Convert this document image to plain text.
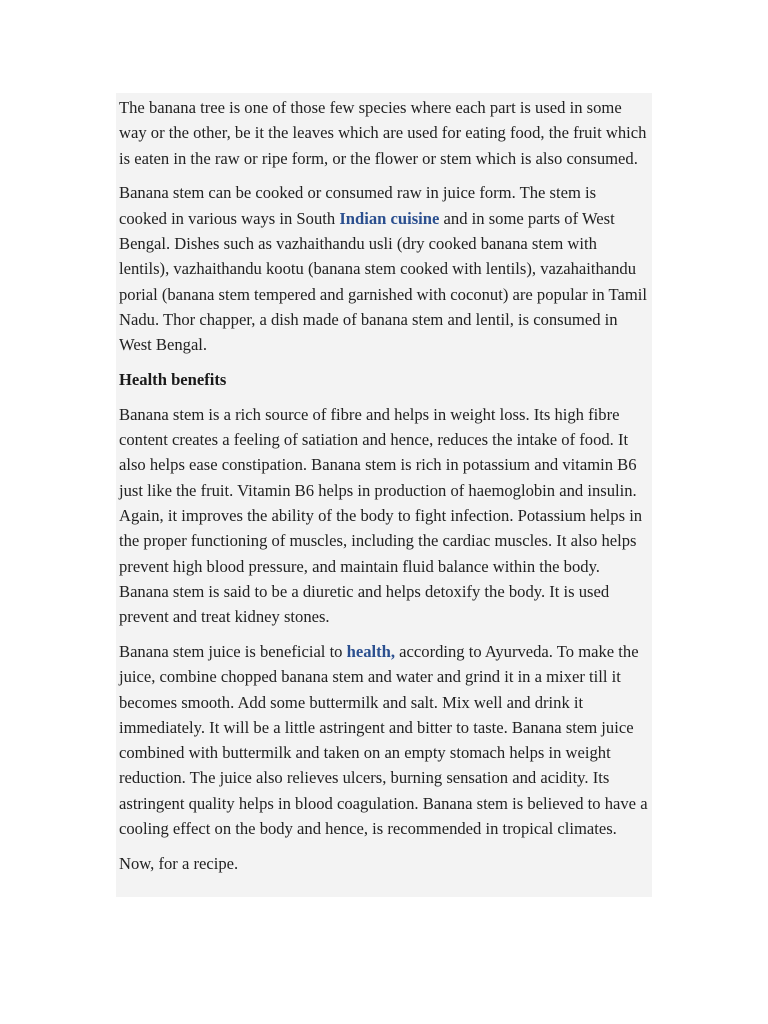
The banana tree is one of those few species where each part is used in some way or the other, be it the leaves which are used for eating food, the fruit which is eaten in the raw or ripe form, or the flower or stem which is also consumed.

Banana stem can be cooked or consumed raw in juice form. The stem is cooked in various ways in South Indian cuisine and in some parts of West Bengal. Dishes such as vazhaithandu usli (dry cooked banana stem with lentils), vazhaithandu kootu (banana stem cooked with lentils), vazahaithandu porial (banana stem tempered and garnished with coconut) are popular in Tamil Nadu. Thor chapper, a dish made of banana stem and lentil, is consumed in West Bengal.

Health benefits

Banana stem is a rich source of fibre and helps in weight loss. Its high fibre content creates a feeling of satiation and hence, reduces the intake of food. It also helps ease constipation. Banana stem is rich in potassium and vitamin B6 just like the fruit. Vitamin B6 helps in production of haemoglobin and insulin. Again, it improves the ability of the body to fight infection. Potassium helps in the proper functioning of muscles, including the cardiac muscles. It also helps prevent high blood pressure, and maintain fluid balance within the body. Banana stem is said to be a diuretic and helps detoxify the body. It is used prevent and treat kidney stones.

Banana stem juice is beneficial to health, according to Ayurveda. To make the juice, combine chopped banana stem and water and grind it in a mixer till it becomes smooth. Add some buttermilk and salt. Mix well and drink it immediately. It will be a little astringent and bitter to taste. Banana stem juice combined with buttermilk and taken on an empty stomach helps in weight reduction. The juice also relieves ulcers, burning sensation and acidity. Its astringent quality helps in blood coagulation. Banana stem is believed to have a cooling effect on the body and hence, is recommended in tropical climates.

Now, for a recipe.
